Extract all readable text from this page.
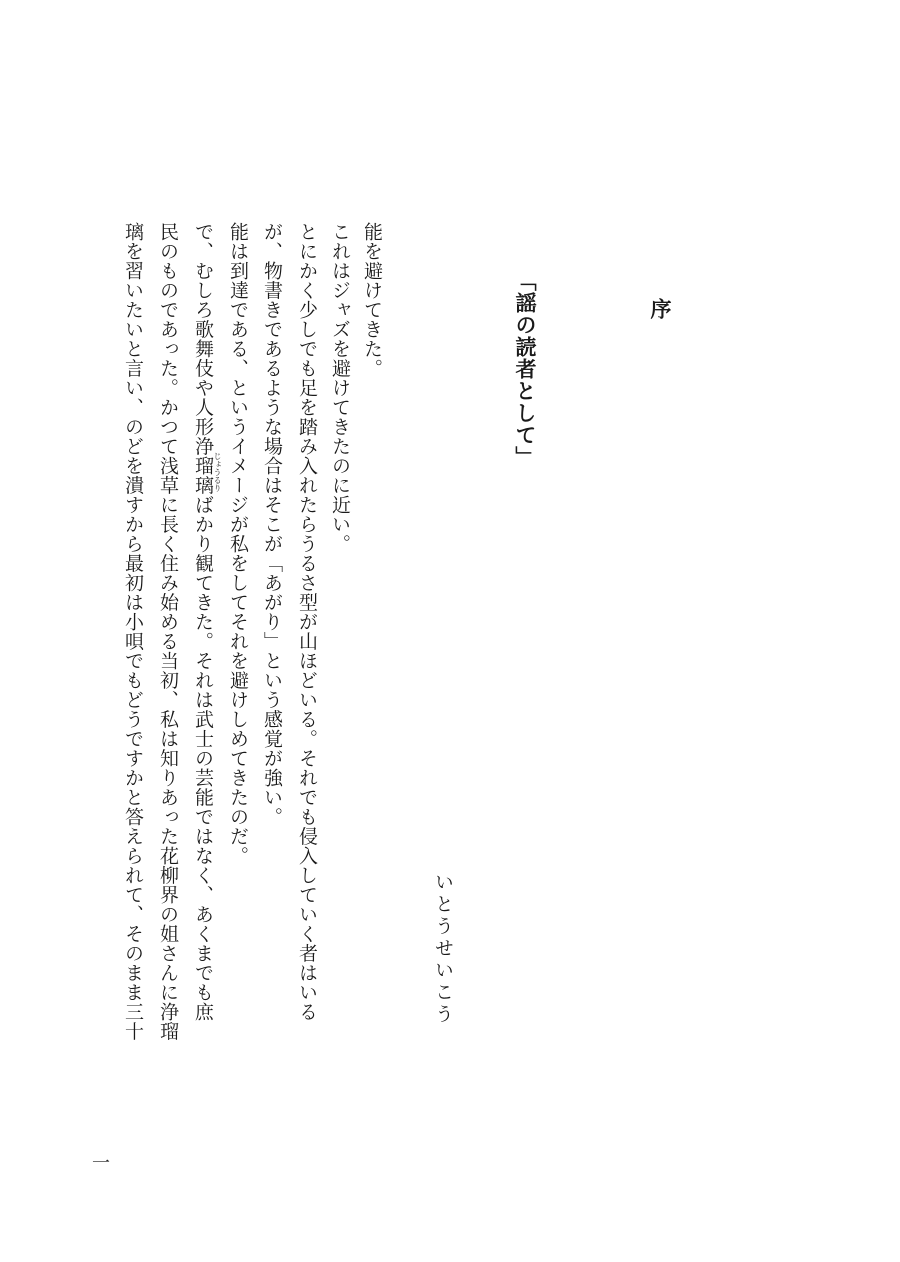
序
「謡の読者として」
いとうせいこう
能を避けてきた。
これはジャズを避けてきたのに近い。
とにかく少しでも足を踏み入れたらうるさ型が山ほどいる。それでも侵入していく者はいる
が、物書きであるような場合はそこが「あがり」という感覚が強い。
能は到達である、というイメージが私をしてそれを避けしめてきたのだ。
じょうるり
で、むしろ歌舞伎や人形浄瑠璃ばかり観てきた。それは武士の芸能ではなく、あくまでも庶
民のものであった。かつて浅草に長く住み始める当初、私は知りあった花柳界の姐さんに浄瑠
璃を習いたいと言い、のどを潰すから最初は小唄でもどうですかと答えられて、そのまま三十
一
